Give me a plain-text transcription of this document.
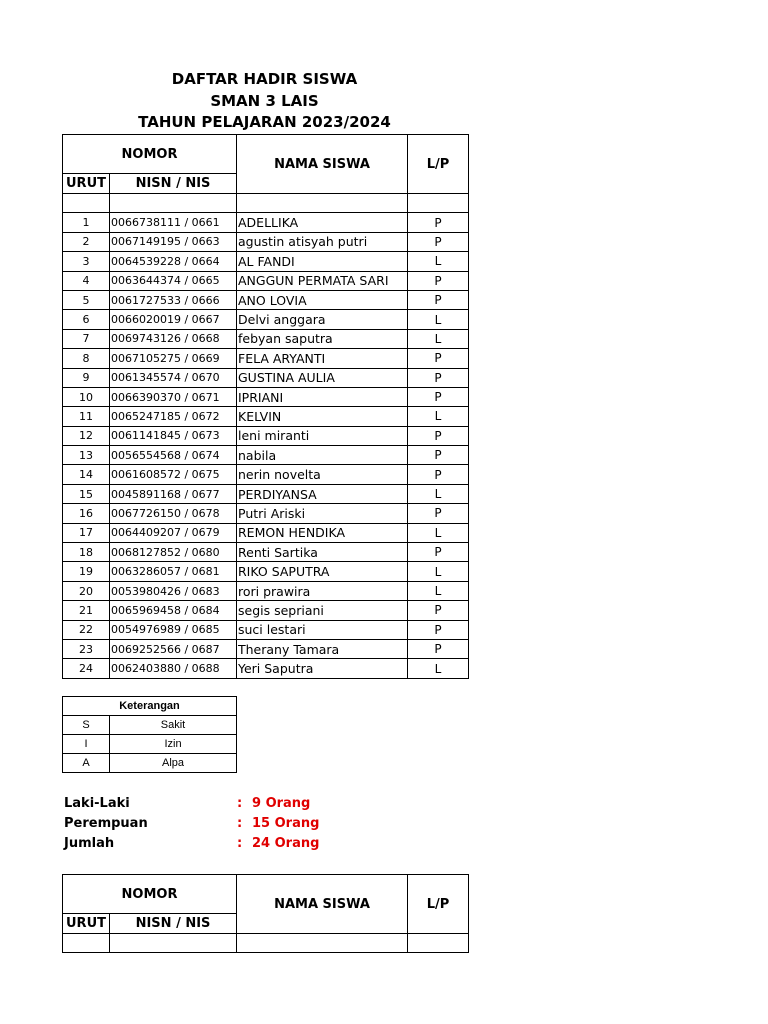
DAFTAR HADIR SISWA
SMAN 3 LAIS
TAHUN PELAJARAN 2023/2024
NOMOR		NAMA SISWA	L/P
URUT	NISN / NIS		

1	0066738111 / 0661	ADELLIKA	P
2	0067149195 / 0663	agustin atisyah putri	P
3	0064539228 / 0664	AL FANDI	L
4	0063644374 / 0665	ANGGUN PERMATA SARI	P
5	0061727533 / 0666	ANO LOVIA	P
6	0066020019 / 0667	Delvi anggara	L
7	0069743126 / 0668	febyan saputra	L
8	0067105275 / 0669	FELA ARYANTI	P
9	0061345574 / 0670	GUSTINA AULIA	P
10	0066390370 / 0671	IPRIANI	P
11	0065247185 / 0672	KELVIN	L
12	0061141845 / 0673	leni miranti	P
13	0056554568 / 0674	nabila	P
14	0061608572 / 0675	nerin novelta	P
15	0045891168 / 0677	PERDIYANSA	L
16	0067726150 / 0678	Putri Ariski	P
17	0064409207 / 0679	REMON HENDIKA	L
18	0068127852 / 0680	Renti Sartika	P
19	0063286057 / 0681	RIKO SAPUTRA	L
20	0053980426 / 0683	rori prawira	L
21	0065969458 / 0684	segis sepriani	P
22	0054976989 / 0685	suci lestari	P
23	0069252566 / 0687	Therany Tamara	P
24	0062403880 / 0688	Yeri Saputra	L
Keterangan	
S	Sakit
I	Izin
A	Alpa
Laki-Laki	: 9 Orang
Perempuan	: 15 Orang
Jumlah	: 24 Orang
NOMOR		NAMA SISWA	L/P
URUT	NISN / NIS		
